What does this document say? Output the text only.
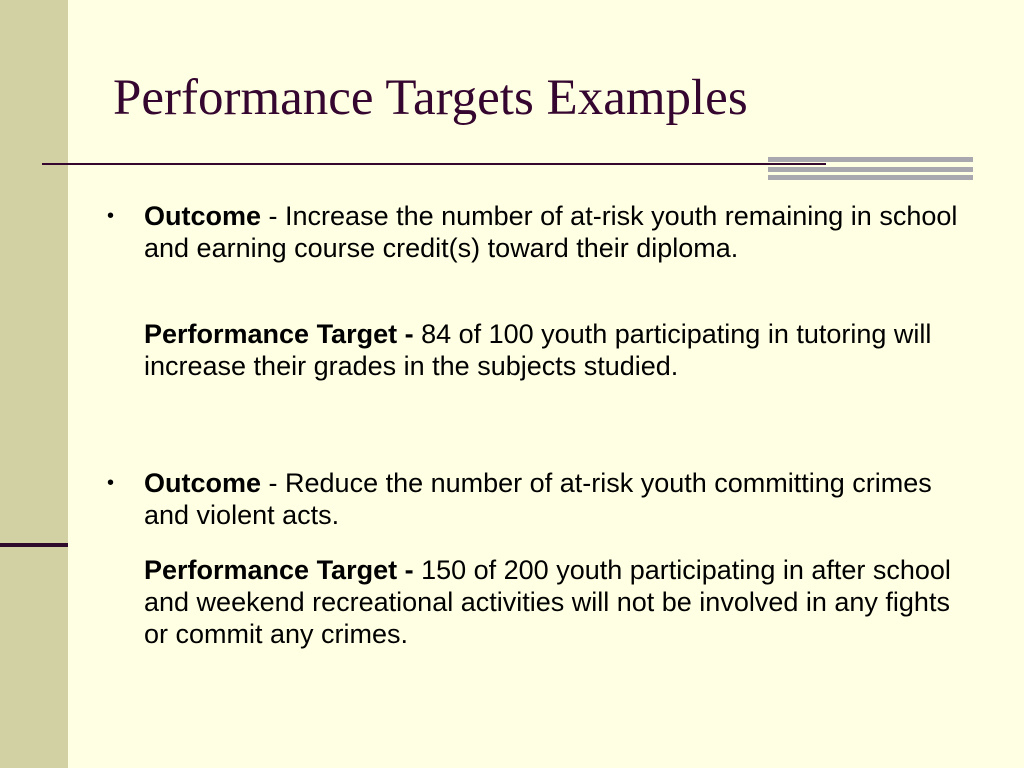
Performance Targets Examples
• Outcome - Increase the number of at-risk youth remaining in school and earning course credit(s) toward their diploma.

Performance Target - 84 of 100 youth participating in tutoring will increase their grades in the subjects studied.

• Outcome - Reduce the number of at-risk youth committing crimes and violent acts.

Performance Target - 150 of 200 youth participating in after school and weekend recreational activities will not be involved in any fights or commit any crimes.
